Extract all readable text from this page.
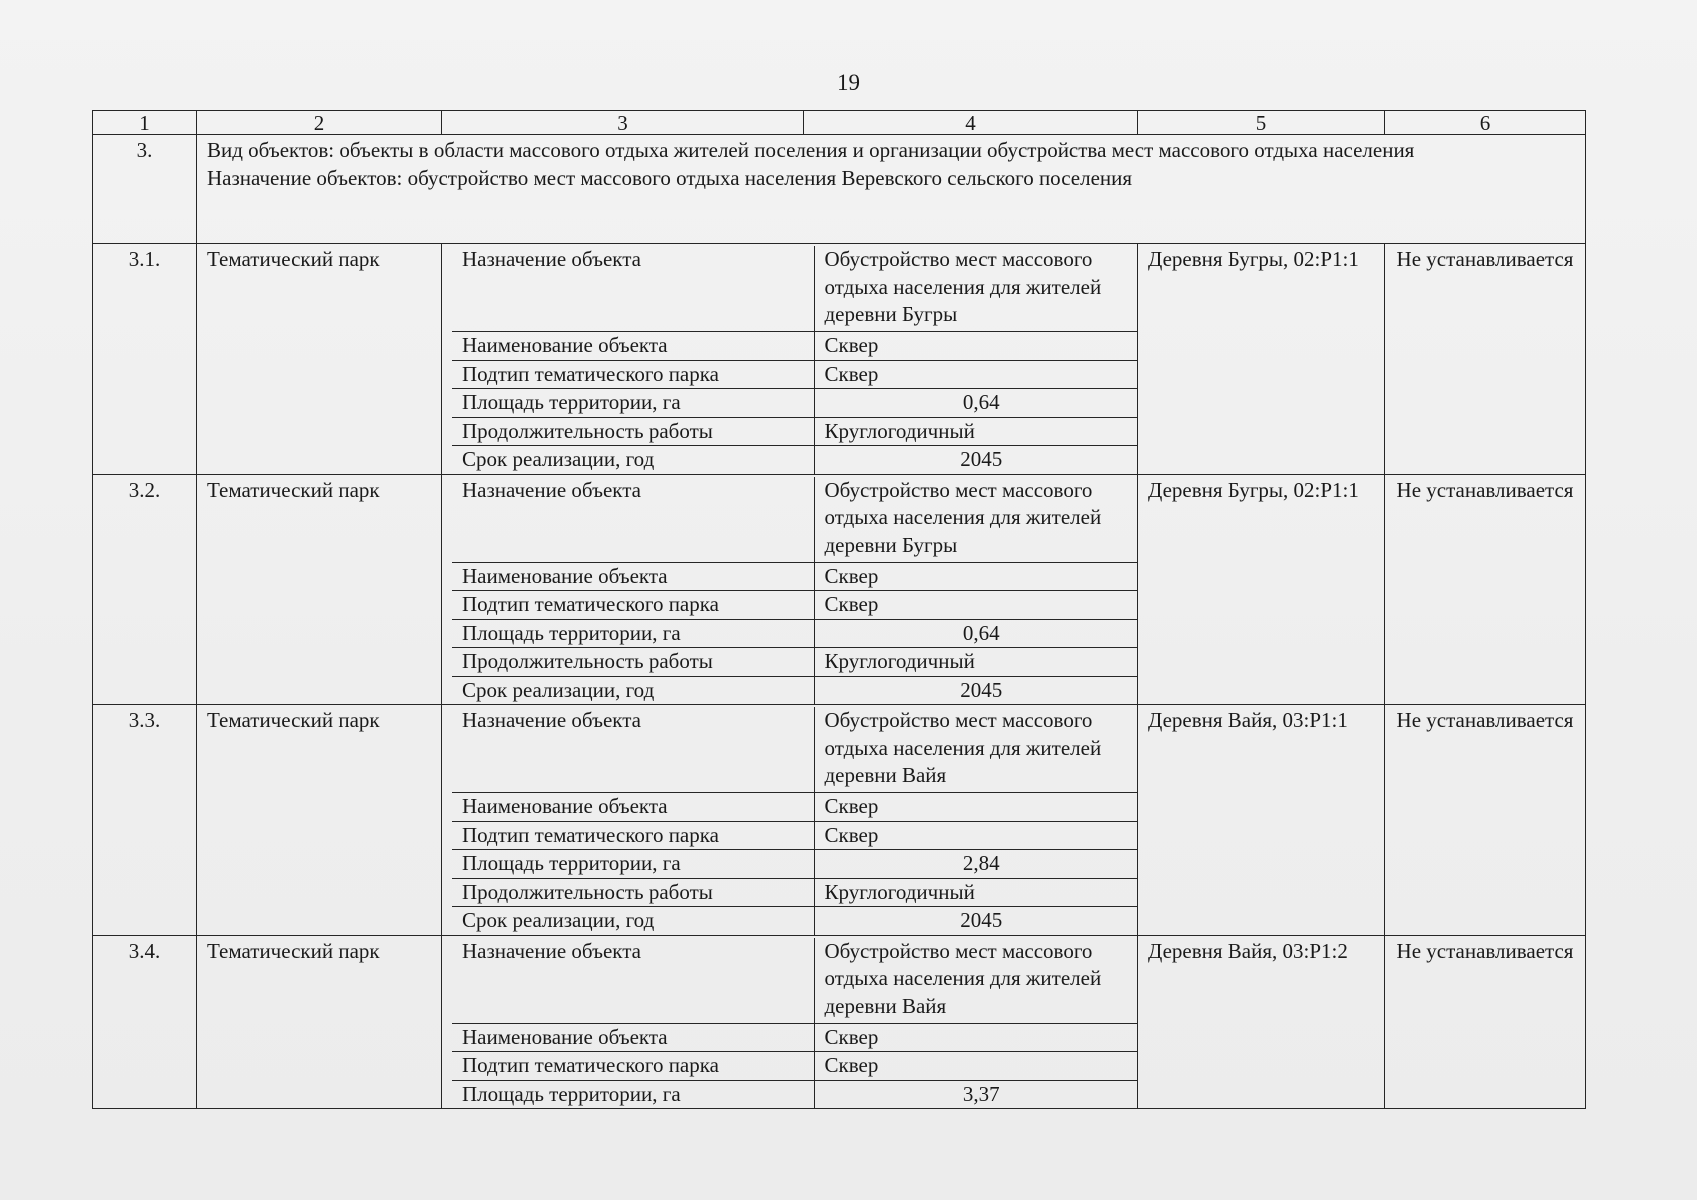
19
1	2	3	4	5	6
3.	Вид объектов: объекты в области массового отдыха жителей поселения и организации обустройства мест массового отдыха населения
Назначение объектов: обустройство мест массового отдыха населения Веревского сельского поселения

3.1.	Тематический парк		Назначение объекта	Обустройство мест массового отдыха населения для жителей деревни Бугры
Наименование объекта	Сквер
Подтип тематического парка	Сквер
Площадь территории, га	0,64
Продолжительность работы	Круглогодичный
Срок реализации, год	2045
	Деревня Бугры, 02:Р1:1	Не устанавливается
3.2.	Тематический парк		Назначение объекта	Обустройство мест массового отдыха населения для жителей деревни Бугры
Наименование объекта	Сквер
Подтип тематического парка	Сквер
Площадь территории, га	0,64
Продолжительность работы	Круглогодичный
Срок реализации, год	2045
	Деревня Бугры, 02:Р1:1	Не устанавливается
3.3.	Тематический парк		Назначение объекта	Обустройство мест массового отдыха населения для жителей деревни Вайя
Наименование объекта	Сквер
Подтип тематического парка	Сквер
Площадь территории, га	2,84
Продолжительность работы	Круглогодичный
Срок реализации, год	2045
	Деревня Вайя, 03:Р1:1	Не устанавливается
3.4.	Тематический парк		Назначение объекта	Обустройство мест массового отдыха населения для жителей деревни Вайя
Наименование объекта	Сквер
Подтип тематического парка	Сквер
Площадь территории, га	3,37
	Деревня Вайя, 03:Р1:2	Не устанавливается
